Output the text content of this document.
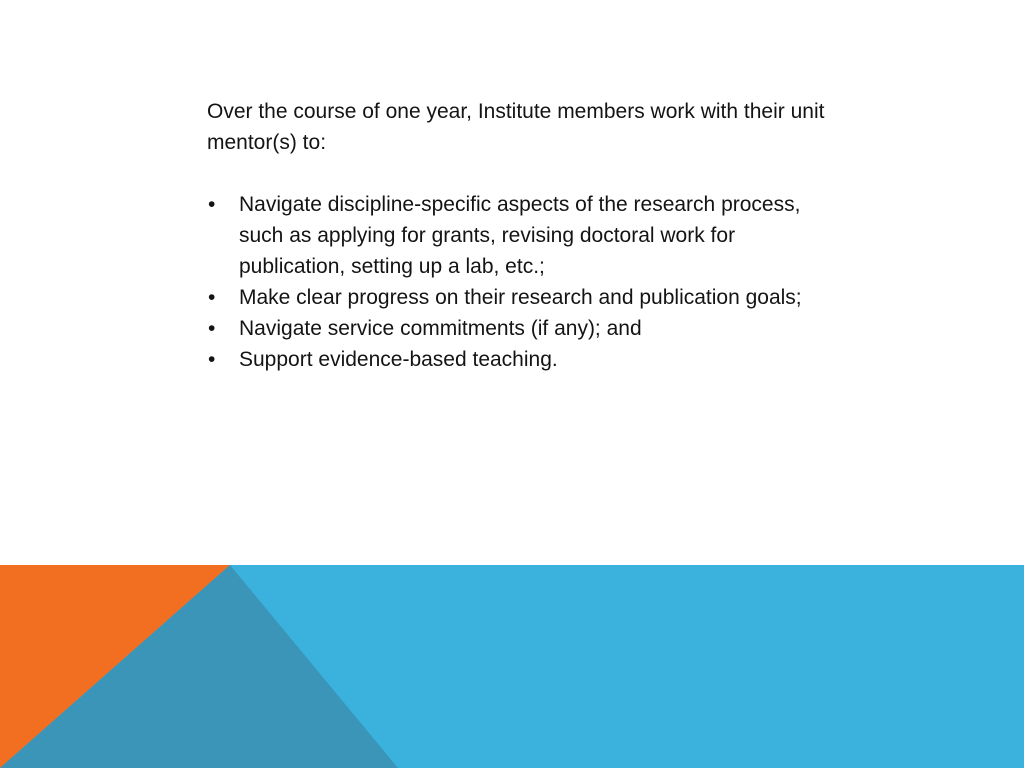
Over the course of one year, Institute members work with their unit mentor(s) to:

• Navigate discipline-specific aspects of the research process, such as applying for grants, revising doctoral work for publication, setting up a lab, etc.;
• Make clear progress on their research and publication goals;
• Navigate service commitments (if any); and
• Support evidence-based teaching.
